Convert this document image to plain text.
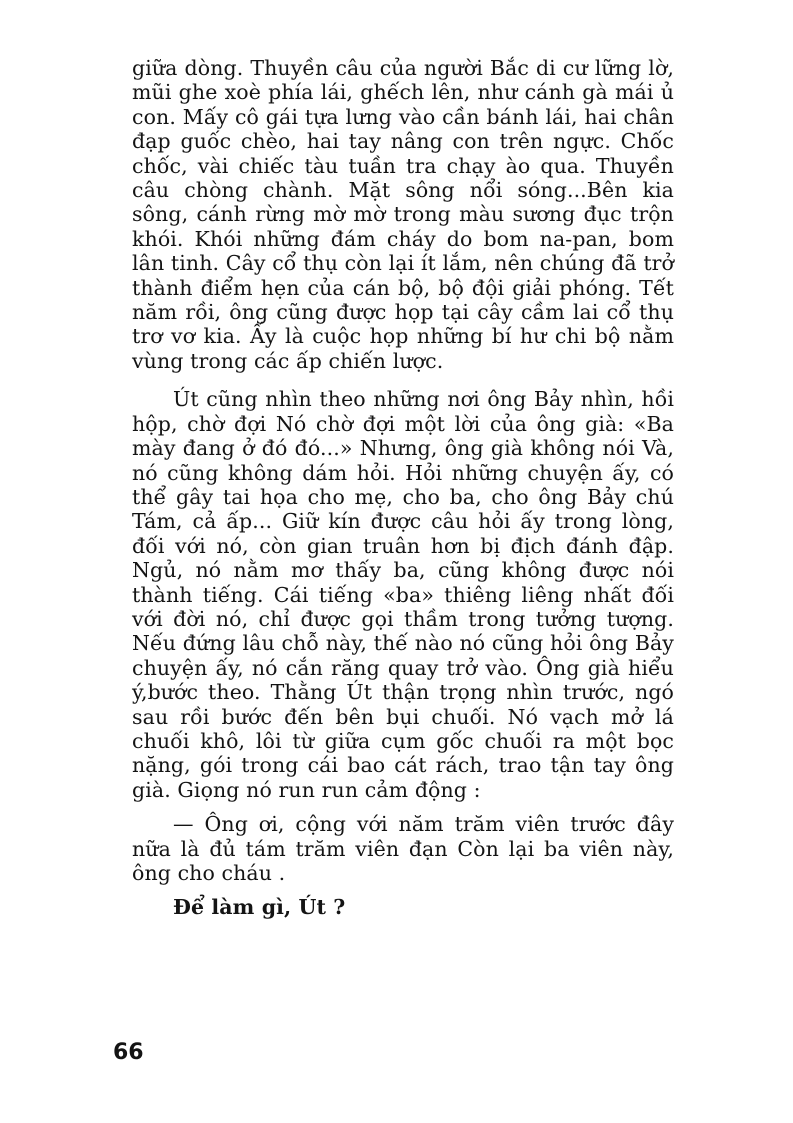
giữa dòng. Thuyền câu của người Bắc di cư lững lờ, mũi ghe xoè phía lái, ghếch lên, như cánh gà mái ủ con. Mấy cô gái tựa lưng vào cần bánh lái, hai chân đạp guốc chèo, hai tay nâng con trên ngực. Chốc chốc, vài chiếc tàu tuần tra chạy ào qua. Thuyền câu chòng chành. Mặt sông nổi sóng...Bên kia sông, cánh rừng mờ mờ trong màu sương đục trộn khói. Khói những đám cháy do bom na-pan, bom lân tinh. Cây cổ thụ còn lại ít lắm, nên chúng đã trở thành điểm hẹn của cán bộ, bộ đội giải phóng. Tết năm rồi, ông cũng được họp tại cây cầm lai cổ thụ trơ vơ kia. Ấy là cuộc họp những bí hư chi bộ nằm vùng trong các ấp chiến lược.

Út cũng nhìn theo những nơi ông Bảy nhìn, hồi hộp, chờ đợi Nó chờ đợi một lời của ông già: «Ba mày đang ở đó đó...» Nhưng, ông già không nói Và, nó cũng không dám hỏi. Hỏi những chuyện ấy, có thể gây tai họa cho mẹ, cho ba, cho ông Bảy chú Tám, cả ấp... Giữ kín được câu hỏi ấy trong lòng, đối với nó, còn gian truân hơn bị địch đánh đập. Ngủ, nó nằm mơ thấy ba, cũng không được nói thành tiếng. Cái tiếng «ba» thiêng liêng nhất đối với đời nó, chỉ được gọi thầm trong tưởng tượng. Nếu đứng lâu chỗ này, thế nào nó cũng hỏi ông Bảy chuyện ấy, nó cắn răng quay trở vào. Ông già hiểu ý,bước theo. Thằng Út thận trọng nhìn trước, ngó sau rồi bước đến bên bụi chuối. Nó vạch mở lá chuối khô, lôi từ giữa cụm gốc chuối ra một bọc nặng, gói trong cái bao cát rách, trao tận tay ông già. Giọng nó run run cảm động :

— Ông ơi, cộng với năm trăm viên trước đây nữa là đủ tám trăm viên đạn Còn lại ba viên này, ông cho cháu .

Để làm gì, Út ?

66
